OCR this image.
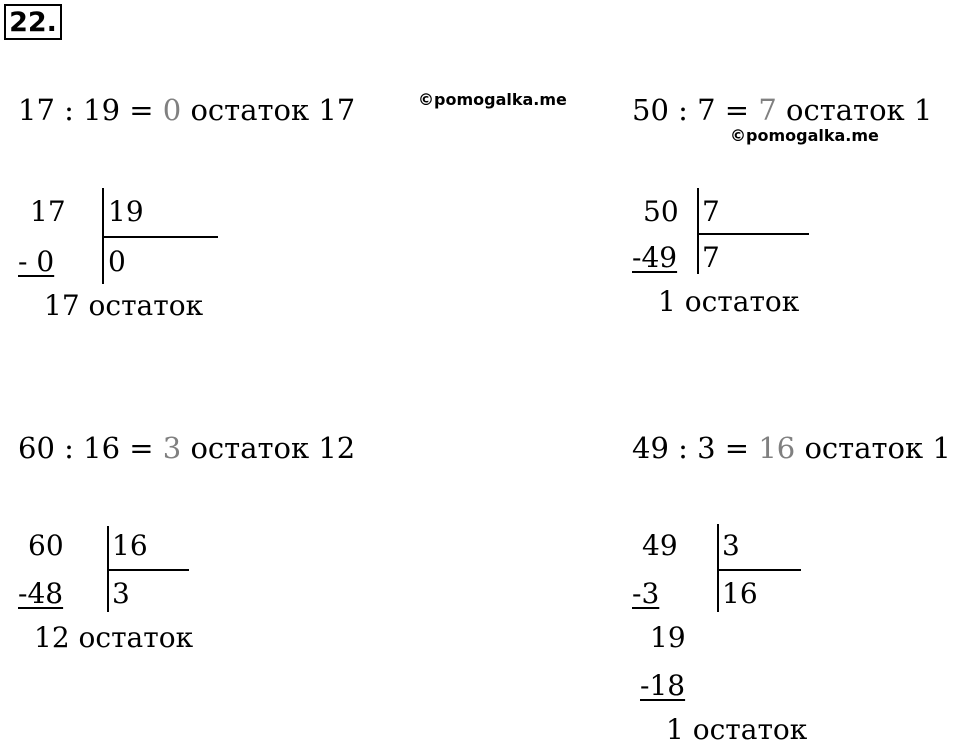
22.
©pomogalka.me
©pomogalka.me
17 : 19 = 0 остаток 17
17 19
- 0 0
17 остаток
50 : 7 = 7 остаток 1
50 7
-49 7
1 остаток
60 : 16 = 3 остаток 12
60 16
-48 3
12 остаток
49 : 3 = 16 остаток 1
49 3
-3 16
19
-18
1 остаток
